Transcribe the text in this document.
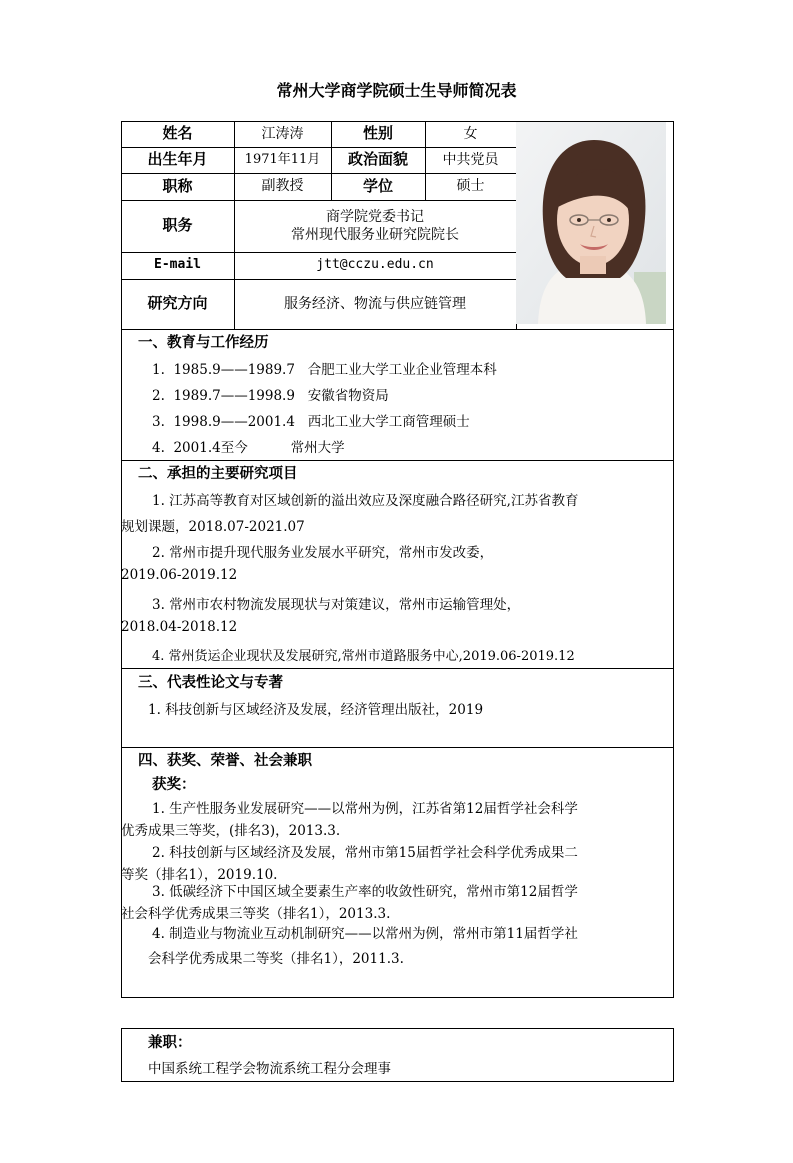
常州大学商学院硕士生导师简况表
姓名	江涛涛	性别	女
出生年月	1971年11月	政治面貌	中共党员
职称	副教授	学位	硕士
职务	商学院党委书记
常州现代服务业研究院院长
E-mail	jtt@cczu.edu.cn
研究方向	服务经济、物流与供应链管理
一、教育与工作经历
1.  1985.9——1989.7   合肥工业大学工业企业管理本科
2.  1989.7——1998.9   安徽省物资局
3.  1998.9——2001.4   西北工业大学工商管理硕士
4.  2001.4至今          常州大学
二、承担的主要研究项目
1. 江苏高等教育对区域创新的溢出效应及深度融合路径研究,江苏省教育
规划课题，2018.07-2021.07
2. 常州市提升现代服务业发展水平研究，常州市发改委，
2019.06-2019.12
3. 常州市农村物流发展现状与对策建议，常州市运输管理处，
2018.04-2018.12
4. 常州货运企业现状及发展研究,常州市道路服务中心,2019.06-2019.12
三、代表性论文与专著
1. 科技创新与区域经济及发展，经济管理出版社，2019
四、获奖、荣誉、社会兼职
获奖：
1. 生产性服务业发展研究——以常州为例，江苏省第12届哲学社会科学
优秀成果三等奖，(排名3)，2013.3.
2. 科技创新与区域经济及发展，常州市第15届哲学社会科学优秀成果二
等奖（排名1），2019.10.
3. 低碳经济下中国区域全要素生产率的收敛性研究，常州市第12届哲学
社会科学优秀成果三等奖（排名1），2013.3.
4. 制造业与物流业互动机制研究——以常州为例，常州市第11届哲学社
会科学优秀成果二等奖（排名1），2011.3.
兼职：
中国系统工程学会物流系统工程分会理事
